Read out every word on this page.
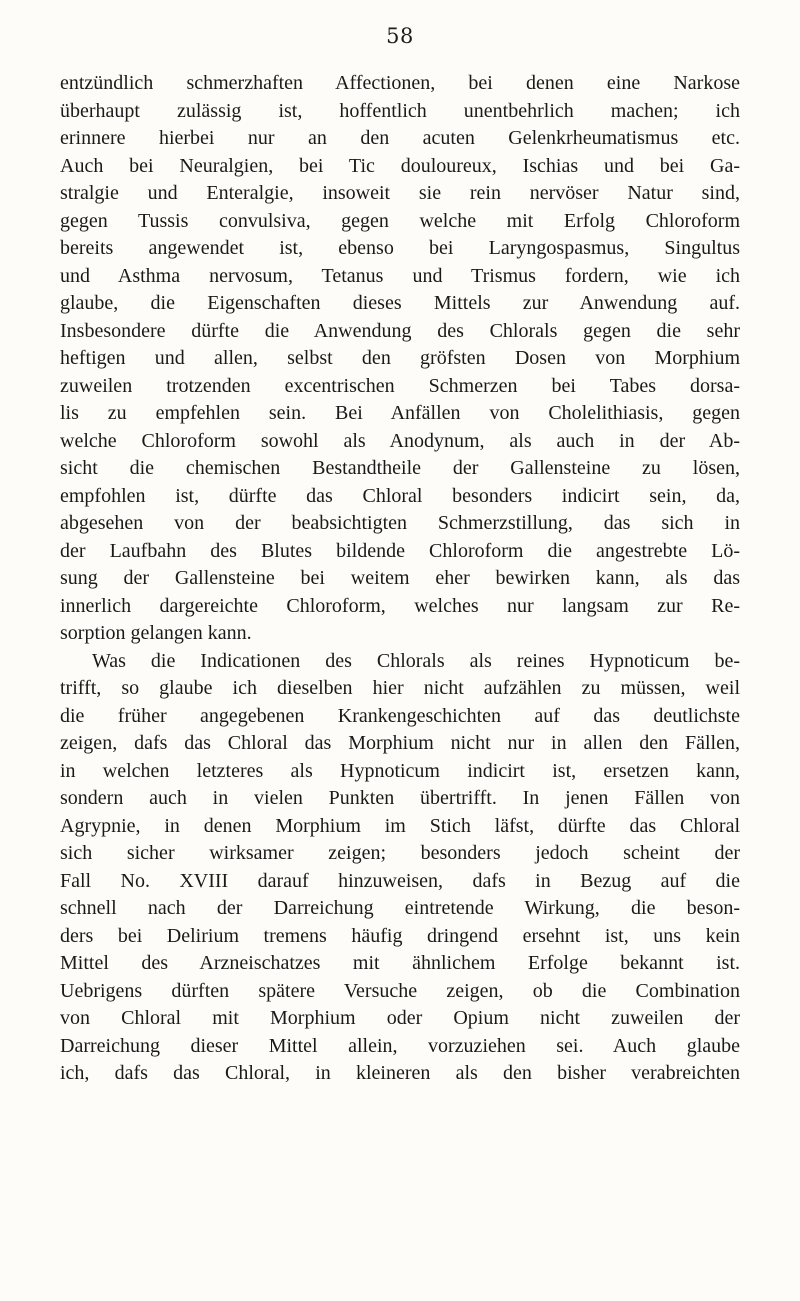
58
entzündlich schmerzhaften Affectionen, bei denen eine Narkose
überhaupt zulässig ist, hoffentlich unentbehrlich machen; ich
erinnere hierbei nur an den acuten Gelenkrheumatismus etc.
Auch bei Neuralgien, bei Tic douloureux, Ischias und bei Ga-
stralgie und Enteralgie, insoweit sie rein nervöser Natur sind,
gegen Tussis convulsiva, gegen welche mit Erfolg Chloroform
bereits angewendet ist, ebenso bei Laryngospasmus, Singultus
und Asthma nervosum, Tetanus und Trismus fordern, wie ich
glaube, die Eigenschaften dieses Mittels zur Anwendung auf.
Insbesondere dürfte die Anwendung des Chlorals gegen die sehr
heftigen und allen, selbst den gröfsten Dosen von Morphium
zuweilen trotzenden excentrischen Schmerzen bei Tabes dorsa-
lis zu empfehlen sein. Bei Anfällen von Cholelithiasis, gegen
welche Chloroform sowohl als Anodynum, als auch in der Ab-
sicht die chemischen Bestandtheile der Gallensteine zu lösen,
empfohlen ist, dürfte das Chloral besonders indicirt sein, da,
abgesehen von der beabsichtigten Schmerzstillung, das sich in
der Laufbahn des Blutes bildende Chloroform die angestrebte Lö-
sung der Gallensteine bei weitem eher bewirken kann, als das
innerlich dargereichte Chloroform, welches nur langsam zur Re-
sorption gelangen kann.
Was die Indicationen des Chlorals als reines Hypnoticum be-
trifft, so glaube ich dieselben hier nicht aufzählen zu müssen, weil
die früher angegebenen Krankengeschichten auf das deutlichste
zeigen, dafs das Chloral das Morphium nicht nur in allen den Fällen,
in welchen letzteres als Hypnoticum indicirt ist, ersetzen kann,
sondern auch in vielen Punkten übertrifft. In jenen Fällen von
Agrypnie, in denen Morphium im Stich läfst, dürfte das Chloral
sich sicher wirksamer zeigen; besonders jedoch scheint der
Fall No. XVIII darauf hinzuweisen, dafs in Bezug auf die
schnell nach der Darreichung eintretende Wirkung, die beson-
ders bei Delirium tremens häufig dringend ersehnt ist, uns kein
Mittel des Arzneischatzes mit ähnlichem Erfolge bekannt ist.
Uebrigens dürften spätere Versuche zeigen, ob die Combination
von Chloral mit Morphium oder Opium nicht zuweilen der
Darreichung dieser Mittel allein, vorzuziehen sei. Auch glaube
ich, dafs das Chloral, in kleineren als den bisher verabreichten
